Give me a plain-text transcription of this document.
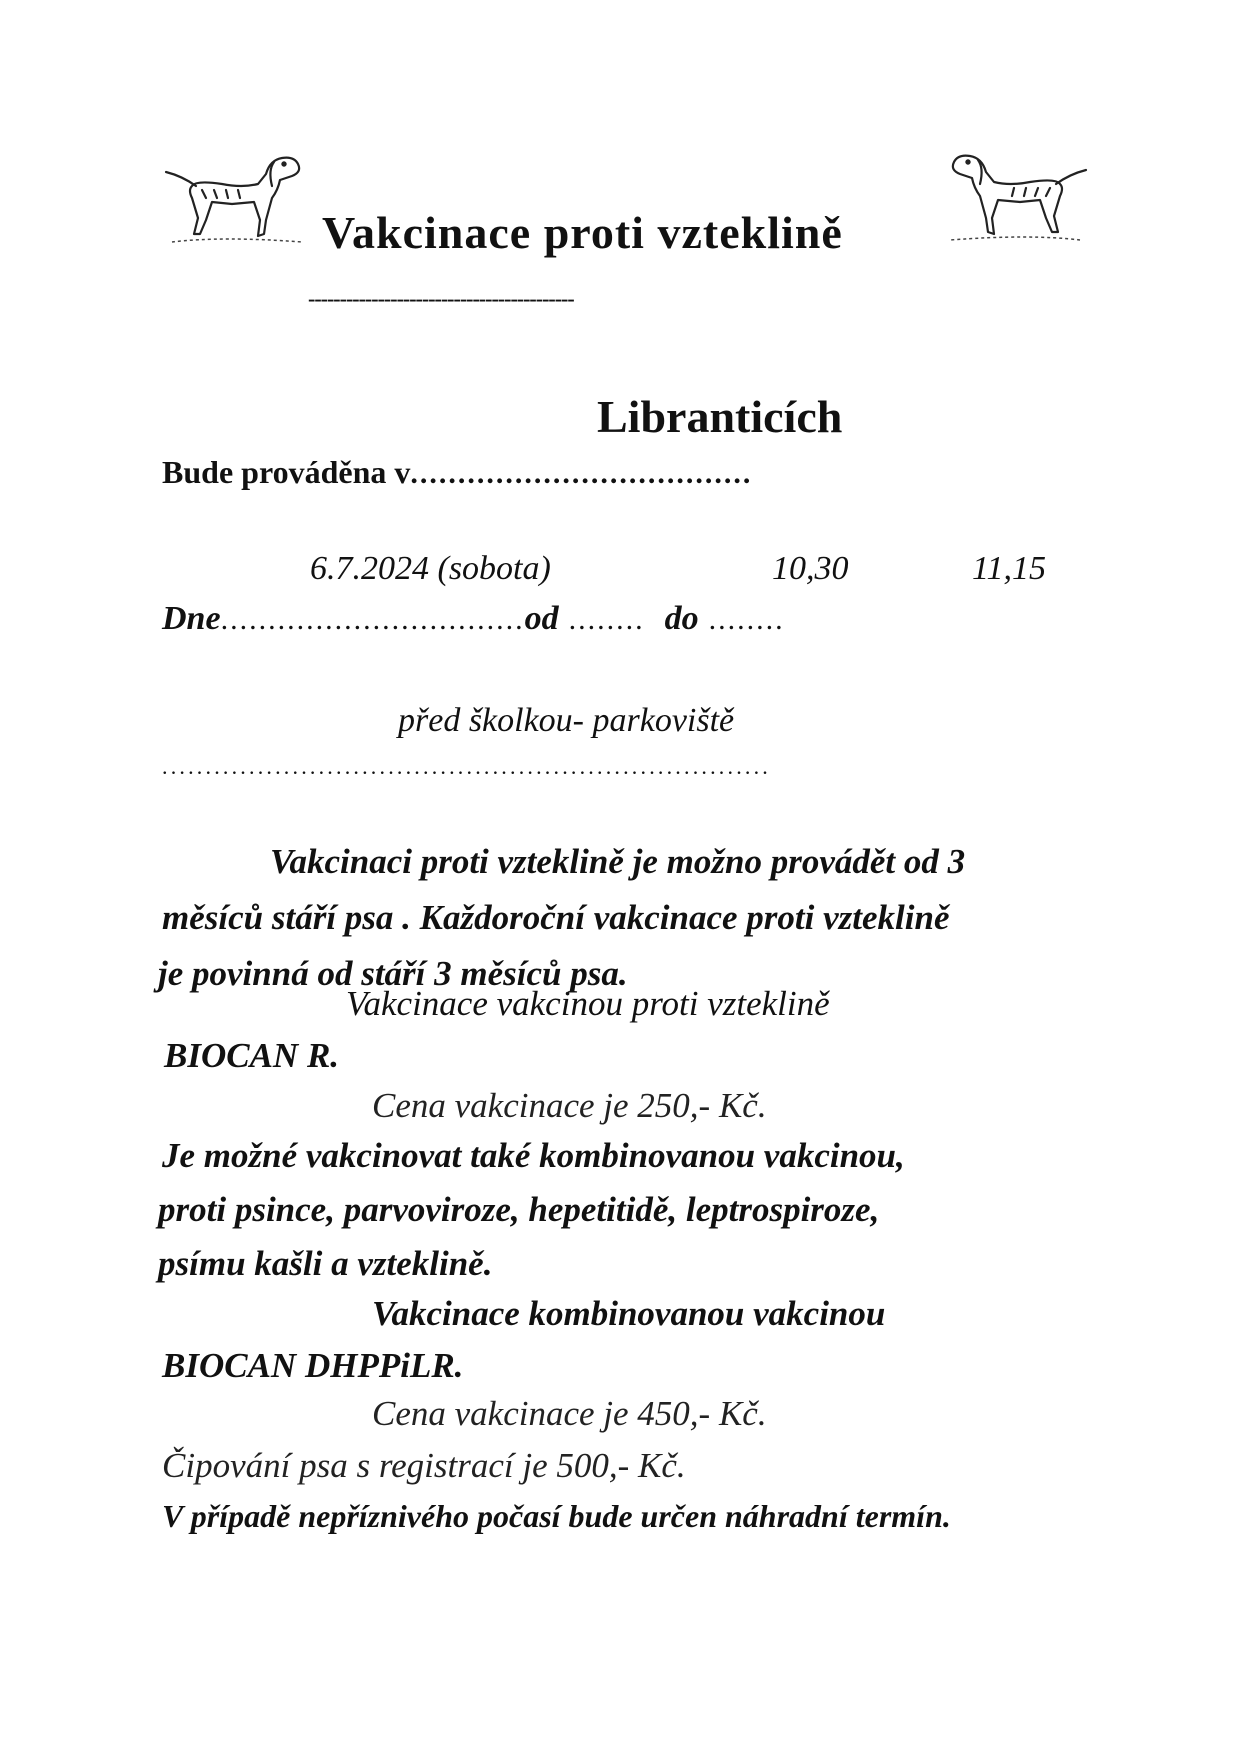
Vakcinace proti vzteklině
------------------------------------------
Libranticích
Bude prováděna v....................................
6.7.2024 (sobota)	10,30	11,15
Dne................................od ........ do ........
před školkou- parkoviště
......................................................................
Vakcinaci proti vzteklině je možno provádět od 3
měsíců stáří psa . Každoroční vakcinace proti vzteklině
je povinná od stáří 3 měsíců psa.
Vakcinace vakcinou proti vzteklině
BIOCAN R.
Cena vakcinace je 250,- Kč.
Je možné vakcinovat také kombinovanou vakcinou,
proti psince, parvoviroze, hepetitidě, leptrospiroze,
psímu kašli a vzteklině.
Vakcinace kombinovanou vakcinou
BIOCAN DHPPiLR.
Cena vakcinace je 450,- Kč.
Čipování psa s registrací je 500,- Kč.
V případě nepříznivého počasí bude určen náhradní termín.
